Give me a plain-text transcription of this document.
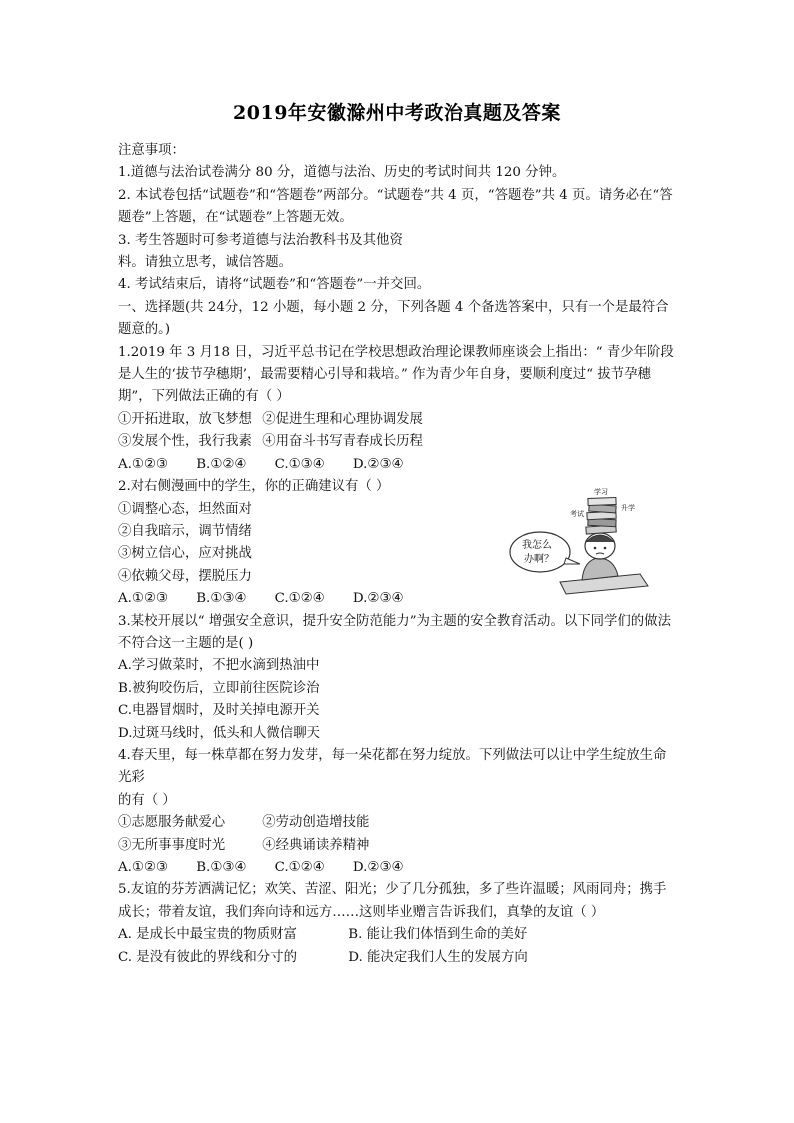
2019年安徽滁州中考政治真题及答案
注意事项：
1.道德与法治试卷满分 80 分，道德与法治、历史的考试时间共 120 分钟。
2. 本试卷包括“试题卷”和“答题卷”两部分。“试题卷”共 4 页，“答题卷”共 4 页。请务必在“答题卷”上答题，在“试题卷”上答题无效。
3. 考生答题时可参考道德与法治教科书及其他资
料。请独立思考，诚信答题。
4. 考试结束后，请将“试题卷”和“答题卷”一并交回。
一、选择题(共 24分，12 小题，每小题 2 分，下列各题 4 个备选答案中，只有一个是最符合题意的。)
1.2019 年 3 月18 日，习近平总书记在学校思想政治理论课教师座谈会上指出：“ 青少年阶段是人生的‘拔节孕穗期’，最需要精心引导和栽培。” 作为青少年自身，要顺利度过“ 拔节孕穗期”，下列做法正确的有（ ）
①开拓进取，放飞梦想 ②促进生理和心理协调发展
③发展个性，我行我素 ④用奋斗书写青春成长历程
A.①②③ B.①②④ C.①③④ D.②③④
2.对右侧漫画中的学生，你的正确建议有（ ）
①调整心态，坦然面对
②自我暗示，调节情绪
③树立信心，应对挑战
④依赖父母，摆脱压力
A.①②③ B.①③④ C.①②④ D.②③④
3.某校开展以“ 增强安全意识，提升安全防范能力”为主题的安全教育活动。以下同学们的做法不符合这一主题的是( )
A.学习做菜时，不把水滴到热油中
B.被狗咬伤后，立即前往医院诊治
C.电器冒烟时，及时关掉电源开关
D.过斑马线时，低头和人微信聊天
4.春天里，每一株草都在努力发芽，每一朵花都在努力绽放。下列做法可以让中学生绽放生命光彩
的有（ ）
①志愿服务献爱心	②劳动创造增技能
③无所事事度时光	④经典诵读养精神
A.①②③ B.①③④ C.①②④ D.②③④
5.友谊的芬芳洒满记忆；欢笑、苦涩、阳光；少了几分孤独，多了些许温暖；风雨同舟；携手成长；带着友谊，我们奔向诗和远方……这则毕业赠言告诉我们，真挚的友谊（ ）
A. 是成长中最宝贵的物质财富	B. 能让我们体悟到生命的美好
C. 是没有彼此的界线和分寸的	D. 能决定我们人生的发展方向
学习
考试
升学
我怎么
办啊？
